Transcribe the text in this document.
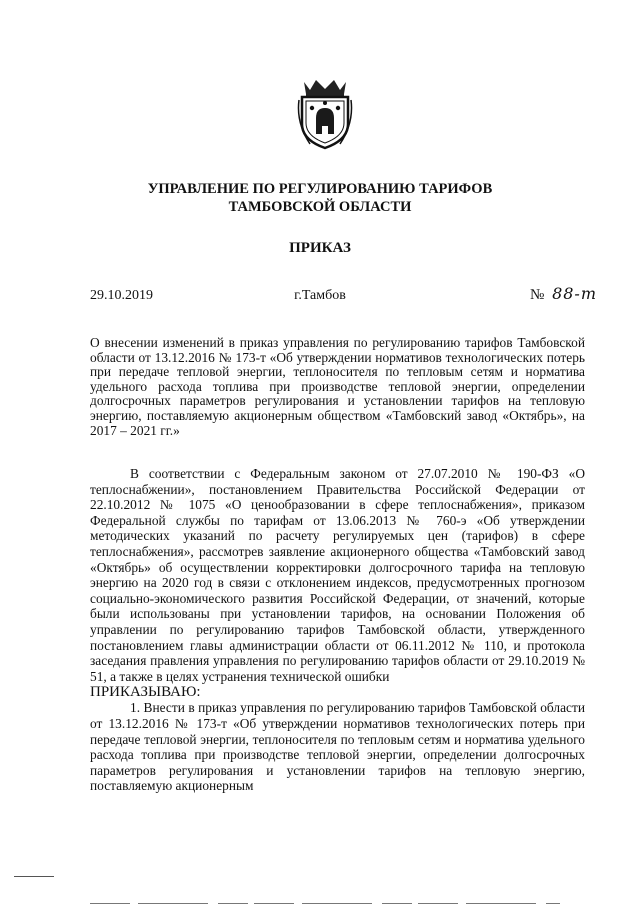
УПРАВЛЕНИЕ ПО РЕГУЛИРОВАНИЮ ТАРИФОВ
ТАМБОВСКОЙ ОБЛАСТИ
ПРИКАЗ
29.10.2019	г.Тамбов	№ 88-т
О внесении изменений в приказ управления по регулированию тарифов Тамбовской области от 13.12.2016 № 173-т «Об утверждении нормативов технологических потерь при передаче тепловой энергии, теплоносителя по тепловым сетям и норматива удельного расхода топлива при производстве тепловой энергии, определении долгосрочных параметров регулирования и установлении тарифов на тепловую энергию, поставляемую акционерным обществом «Тамбовский завод «Октябрь», на 2017 – 2021 гг.»

В соответствии с Федеральным законом от 27.07.2010 № 190-ФЗ «О теплоснабжении», постановлением Правительства Российской Федерации от 22.10.2012 № 1075 «О ценообразовании в сфере теплоснабжения», приказом Федеральной службы по тарифам от 13.06.2013 № 760-э «Об утверждении методических указаний по расчету регулируемых цен (тарифов) в сфере теплоснабжения», рассмотрев заявление акционерного общества «Тамбовский завод «Октябрь» об осуществлении корректировки долгосрочного тарифа на тепловую энергию на 2020 год в связи с отклонением индексов, предусмотренных прогнозом социально-экономического развития Российской Федерации, от значений, которые были использованы при установлении тарифов, на основании Положения об управлении по регулированию тарифов Тамбовской области, утвержденного постановлением главы администрации области от 06.11.2012 № 110, и протокола заседания правления управления по регулированию тарифов области от 29.10.2019 № 51, а также в целях устранения технической ошибки

ПРИКАЗЫВАЮ:

1. Внести в приказ управления по регулированию тарифов Тамбовской области от 13.12.2016 № 173-т «Об утверждении нормативов технологических потерь при передаче тепловой энергии, теплоносителя по тепловым сетям и норматива удельного расхода топлива при производстве тепловой энергии, определении долгосрочных параметров регулирования и установлении тарифов на тепловую энергию, поставляемую акционерным
